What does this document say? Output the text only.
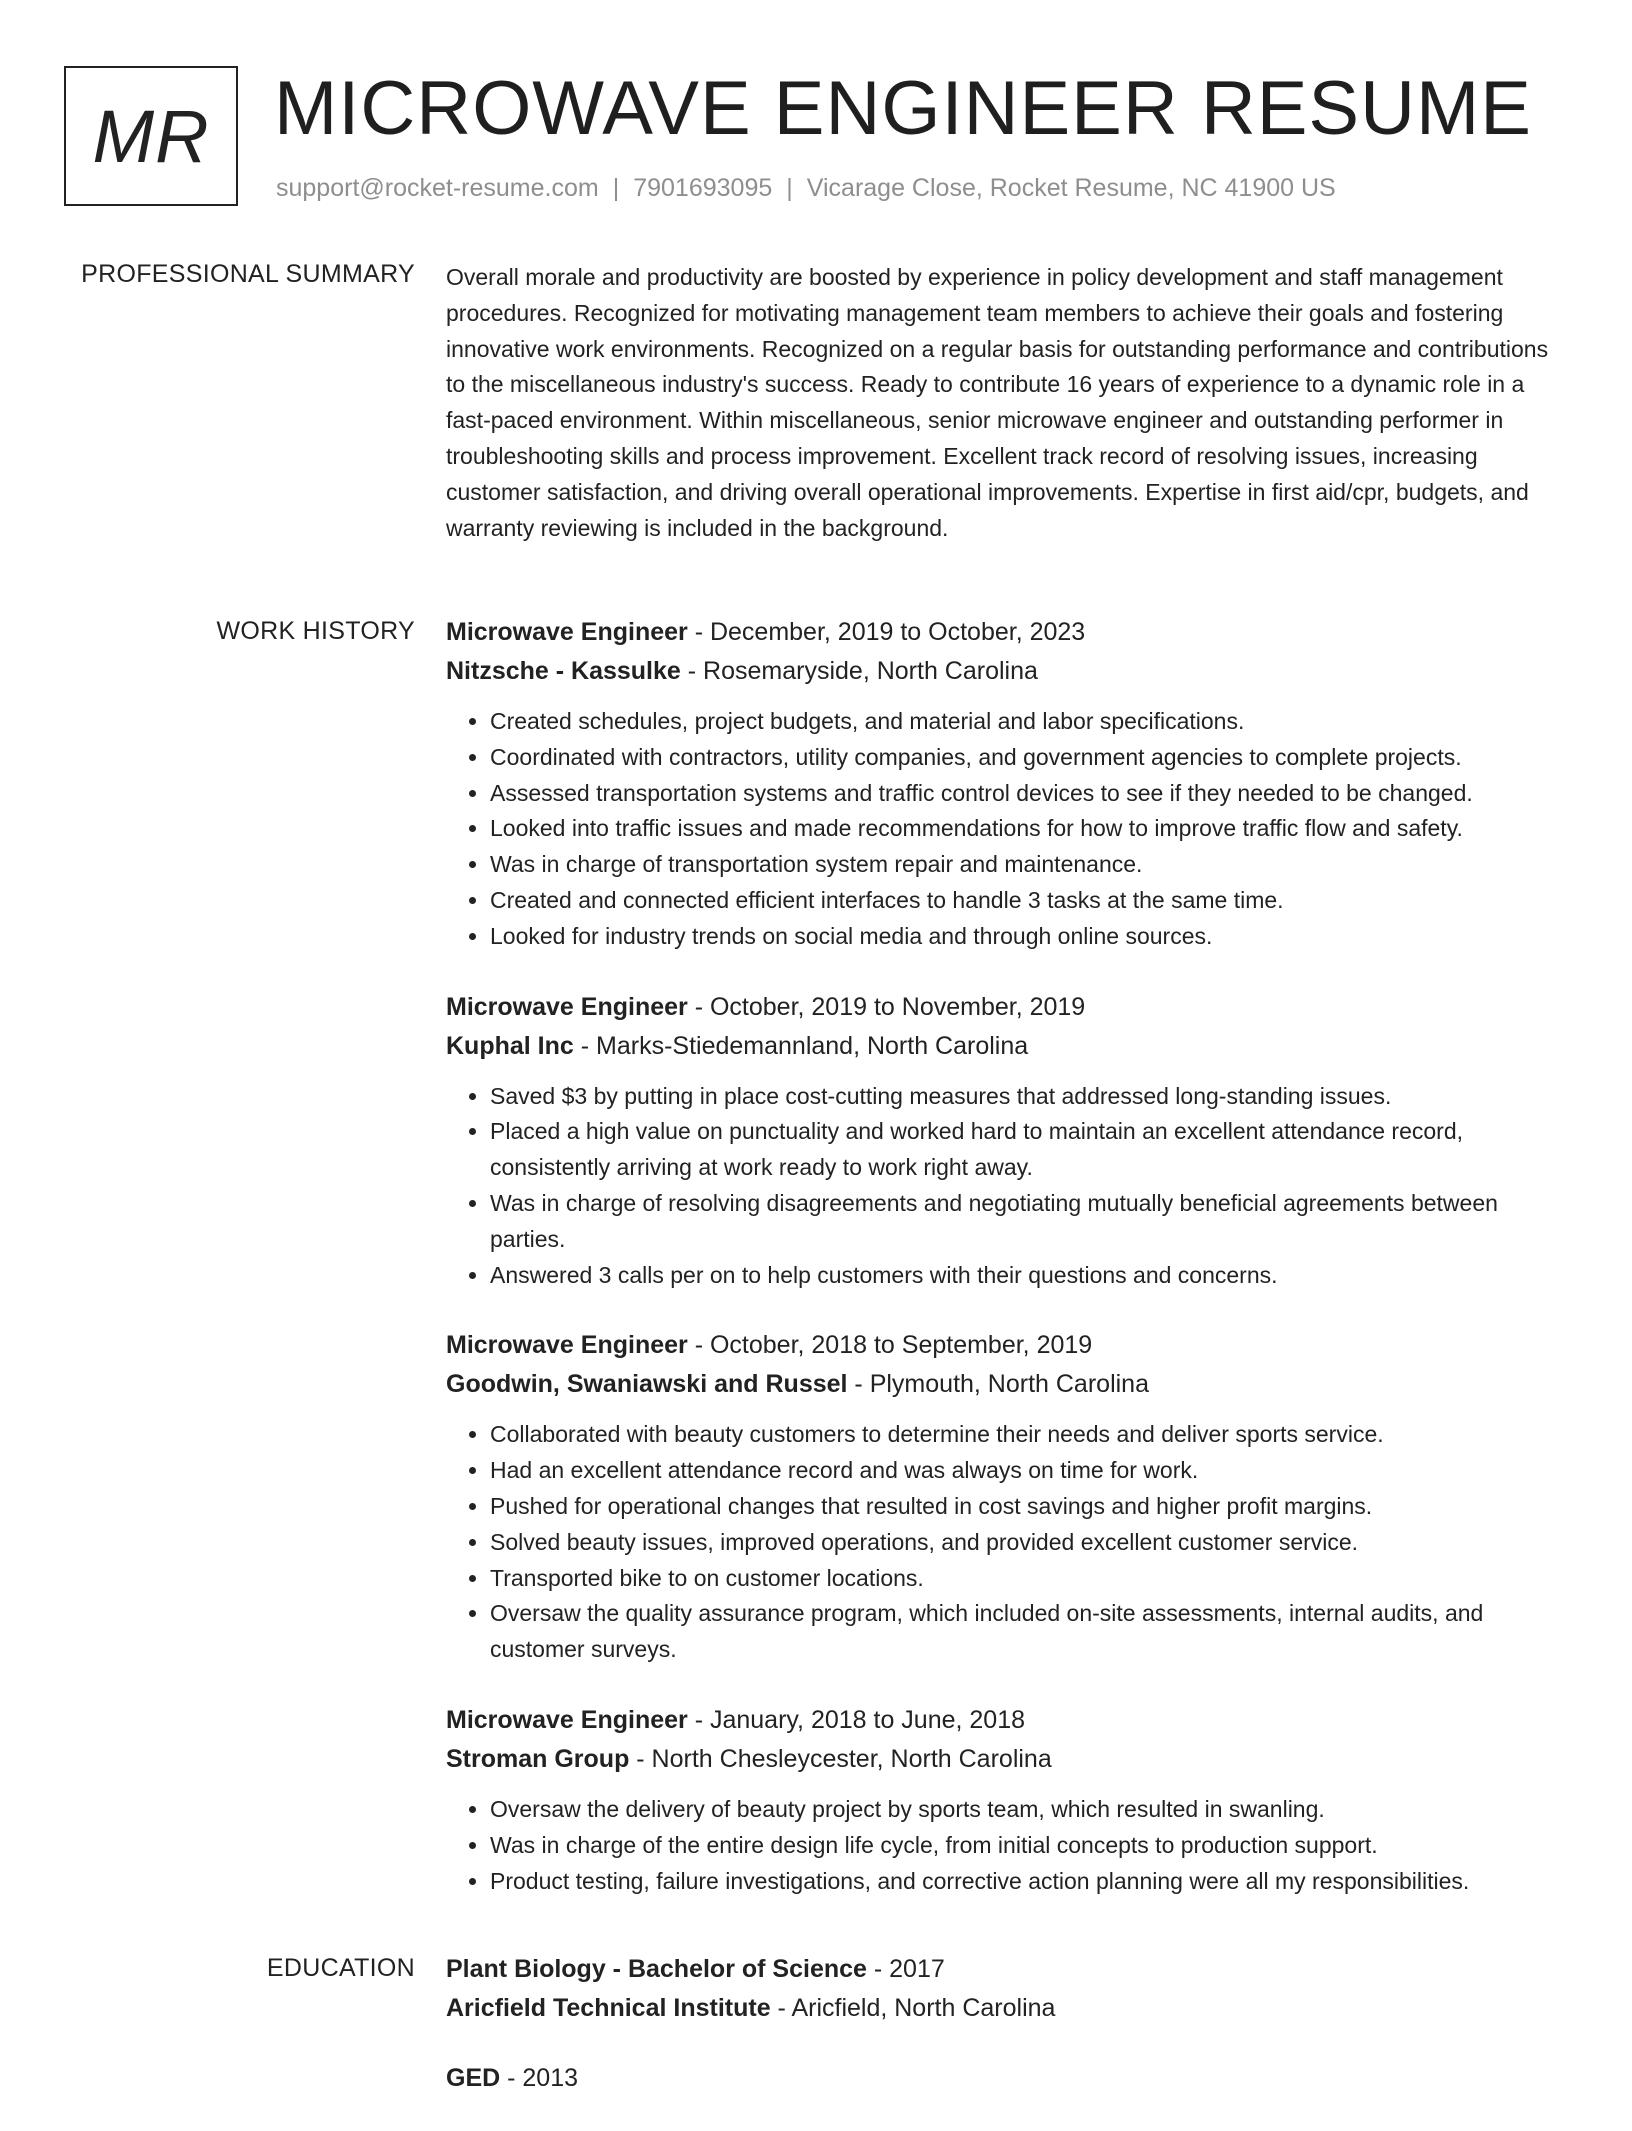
MR MICROWAVE ENGINEER RESUME
support@rocket-resume.com | 7901693095 | Vicarage Close, Rocket Resume, NC 41900 US
PROFESSIONAL SUMMARY Overall morale and productivity are boosted by experience in policy development and staff management procedures. Recognized for motivating management team members to achieve their goals and fostering innovative work environments. Recognized on a regular basis for outstanding performance and contributions to the miscellaneous industry's success. Ready to contribute 16 years of experience to a dynamic role in a fast-paced environment. Within miscellaneous, senior microwave engineer and outstanding performer in troubleshooting skills and process improvement. Excellent track record of resolving issues, increasing customer satisfaction, and driving overall operational improvements. Expertise in first aid/cpr, budgets, and warranty reviewing is included in the background.

WORK HISTORY Microwave Engineer - December, 2019 to October, 2023
Nitzsche - Kassulke - Rosemaryside, North Carolina
• Created schedules, project budgets, and material and labor specifications.
• Coordinated with contractors, utility companies, and government agencies to complete projects.
• Assessed transportation systems and traffic control devices to see if they needed to be changed.
• Looked into traffic issues and made recommendations for how to improve traffic flow and safety.
• Was in charge of transportation system repair and maintenance.
• Created and connected efficient interfaces to handle 3 tasks at the same time.
• Looked for industry trends on social media and through online sources.
Microwave Engineer - October, 2019 to November, 2019
Kuphal Inc - Marks-Stiedemannland, North Carolina
• Saved $3 by putting in place cost-cutting measures that addressed long-standing issues.
• Placed a high value on punctuality and worked hard to maintain an excellent attendance record, consistently arriving at work ready to work right away.
• Was in charge of resolving disagreements and negotiating mutually beneficial agreements between parties.
• Answered 3 calls per on to help customers with their questions and concerns.
Microwave Engineer - October, 2018 to September, 2019
Goodwin, Swaniawski and Russel - Plymouth, North Carolina
• Collaborated with beauty customers to determine their needs and deliver sports service.
• Had an excellent attendance record and was always on time for work.
• Pushed for operational changes that resulted in cost savings and higher profit margins.
• Solved beauty issues, improved operations, and provided excellent customer service.
• Transported bike to on customer locations.
• Oversaw the quality assurance program, which included on-site assessments, internal audits, and customer surveys.
Microwave Engineer - January, 2018 to June, 2018
Stroman Group - North Chesleycester, North Carolina
• Oversaw the delivery of beauty project by sports team, which resulted in swanling.
• Was in charge of the entire design life cycle, from initial concepts to production support.
• Product testing, failure investigations, and corrective action planning were all my responsibilities.
EDUCATION Plant Biology - Bachelor of Science - 2017
Aricfield Technical Institute - Aricfield, North Carolina
GED - 2013
